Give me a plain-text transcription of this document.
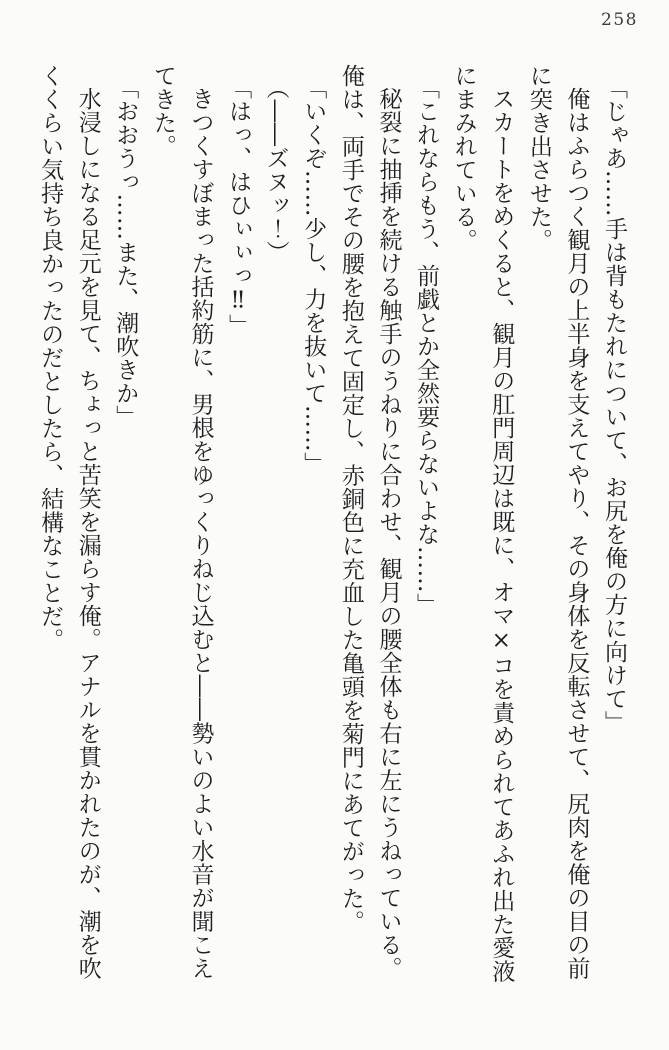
258

「じゃあ……手は背もたれについて、お尻を俺の方に向けて」

俺はふらつく観月の上半身を支えてやり、その身体を反転させて、尻肉を俺の目の前に突き出させた。

スカートをめくると、観月の肛門周辺は既に、オマ×コを責められてあふれ出た愛液にまみれている。

「これならもう、前戯とか全然要らないよな……」

秘裂に抽挿を続ける触手のうねりに合わせ、観月の腰全体も右に左にうねっている。俺は、両手でその腰を抱えて固定し、赤銅色に充血した亀頭を菊門にあてがった。

「いくぞ……少し、力を抜いて……」

（――ズヌッ！）

「はっ、はひぃぃっ‼」

きつくすぼまった括約筋に、男根をゆっくりねじ込むと――勢いのよい水音が聞こえてきた。

「おおうっ……また、潮吹きか」

水浸しになる足元を見て、ちょっと苦笑を漏らす俺。アナルを貫かれたのが、潮を吹くくらい気持ち良かったのだとしたら、結構なことだ。
